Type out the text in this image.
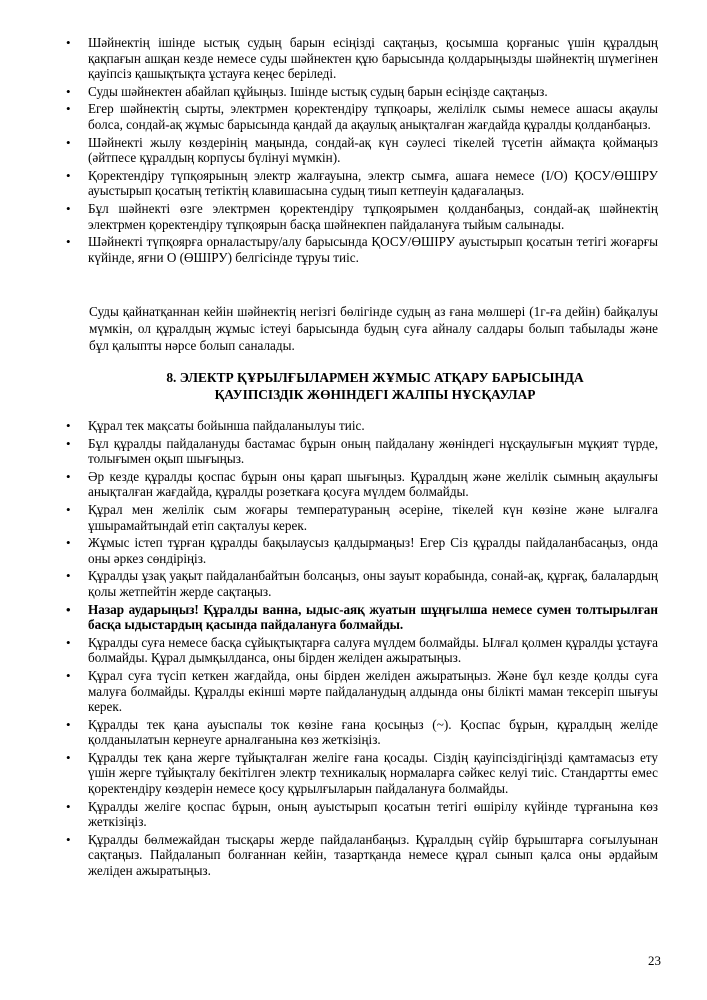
• Шәйнектің ішінде ыстық судың барын есіңізді сақтаңыз, қосымша қорғаныс үшін құралдың қақпағын ашқан кезде немесе суды шәйнектен құю барысында қолдарыңызды шәйнектің шүмегінен қауіпсіз қашықтықта ұстауға кеңес беріледі.
• Суды шәйнектен абайлап құйыңыз. Ішінде ыстық судың барын есіңізде сақтаңыз.
• Егер шәйнектің сырты, электрмен қоректендіру тұпқоары, желілілк сымы немесе ашасы ақаулы болса, сондай-ақ жұмыс барысында қандай да ақаулық анықталған жағдайда құралды қолданбаңыз.
• Шәйнекті жылу көздерінің маңында, сондай-ақ күн сәулесі тікелей түсетін аймақта қоймаңыз (әйтпесе құралдың корпусы бүлінуі мүмкін).
• Қоректендіру түпқоярының электр жалғауына, электр сымға, ашаға немесе (I/O) ҚОСУ/ӨШІРУ ауыстырып қосатың тетіктің клавишасына судың тиып кетпеуін қадағалаңыз.
• Бұл шәйнекті өзге электрмен қоректендіру тұпқоярымен қолданбаңыз, сондай-ақ шәйнектің электрмен қоректендіру тұпқоярын басқа шәйнекпен пайдалануға тыйым салынады.
• Шәйнекті түпқоярға орналастыру/алу барысында ҚОСУ/ӨШІРУ ауыстырып қосатын тетігі жоғарғы күйінде, яғни О (ӨШІРУ) белгісінде тұруы тиіс.

Суды қайнатқаннан кейін шәйнектің негізгі бөлігінде судың аз ғана мөлшері (1г-ға дейін) байқалуы мүмкін, ол құралдың жұмыс істеуі барысында будың суға айналу салдары болып табылады және бұл қалыпты нәрсе болып саналады.

8. ЭЛЕКТР ҚҰРЫЛҒЫЛАРМЕН ЖҰМЫС АТҚАРУ БАРЫСЫНДА
ҚАУІПСІЗДІК ЖӨНІНДЕГІ ЖАЛПЫ НҰСҚАУЛАР
• Құрал тек мақсаты бойынша пайдаланылуы тиіс.
• Бұл құралды пайдалануды бастамас бұрын оның пайдалану жөніндегі нұсқаулығын мұқият түрде, толығымен оқып шығыңыз.
• Әр кезде құралды қоспас бұрын оны қарап шығыңыз. Құралдың және желілік сымның ақаулығы анықталған жағдайда, құралды розеткаға қосуға мүлдем болмайды.
• Құрал мен желілік сым жоғары температураның әсеріне, тікелей күн көзіне және ылғалға ұшырамайтындай етіп сақталуы керек.
• Жұмыс істеп тұрған құралды бақылаусыз қалдырмаңыз! Егер Сіз құралды пайдаланбасаңыз, онда оны әркез сөндіріңіз.
• Құралды ұзақ уақыт пайдаланбайтын болсаңыз, оны зауыт корабында, сонай-ақ, құрғақ, балалардың қолы жетпейтін жерде сақтаңыз.
• Назар аударыңыз! Құралды ванна, ыдыс-аяқ жуатын шұңғылша немесе сумен толтырылған басқа ыдыстардың қасында пайдалануға болмайды.
• Құралды суға немесе басқа сұйықтықтарға салуға мүлдем болмайды. Ылғал қолмен құралды ұстауға болмайды. Құрал дымқылданса, оны бірден желіден ажыратыңыз.
• Құрал суға түсіп кеткен жағдайда, оны бірден желіден ажыратыңыз. Және бұл кезде қолды суға малуға болмайды. Құралды екінші мәрте пайдаланудың алдында оны білікті маман тексеріп шығуы керек.
• Құралды тек қана ауыспалы ток көзіне ғана қосыңыз (~). Қоспас бұрын, құралдың желіде қолданылатын кернеуге арналғанына көз жеткізіңіз.
• Құралды тек қана жерге тұйықталған желіге ғана қосады. Сіздің қауіпсіздігіңізді қамтамасыз ету үшін жерге тұйықталу бекітілген электр техникалық нормаларға сәйкес келуі тиіс. Стандартты емес қоректендіру көздерін немесе қосу құрылғыларын пайдалануға болмайды.
• Құралды желіге қоспас бұрын, оның ауыстырып қосатын тетігі өшірілу күйінде тұрғанына көз жеткізіңіз.
• Құралды бөлмежайдан тысқары жерде пайдаланбаңыз. Құралдың сүйір бұрыштарға соғылуынан сақтаңыз. Пайдаланып болғаннан кейін, тазартқанда немесе құрал сынып қалса оны әрдайым желіден ажыратыңыз.
23
